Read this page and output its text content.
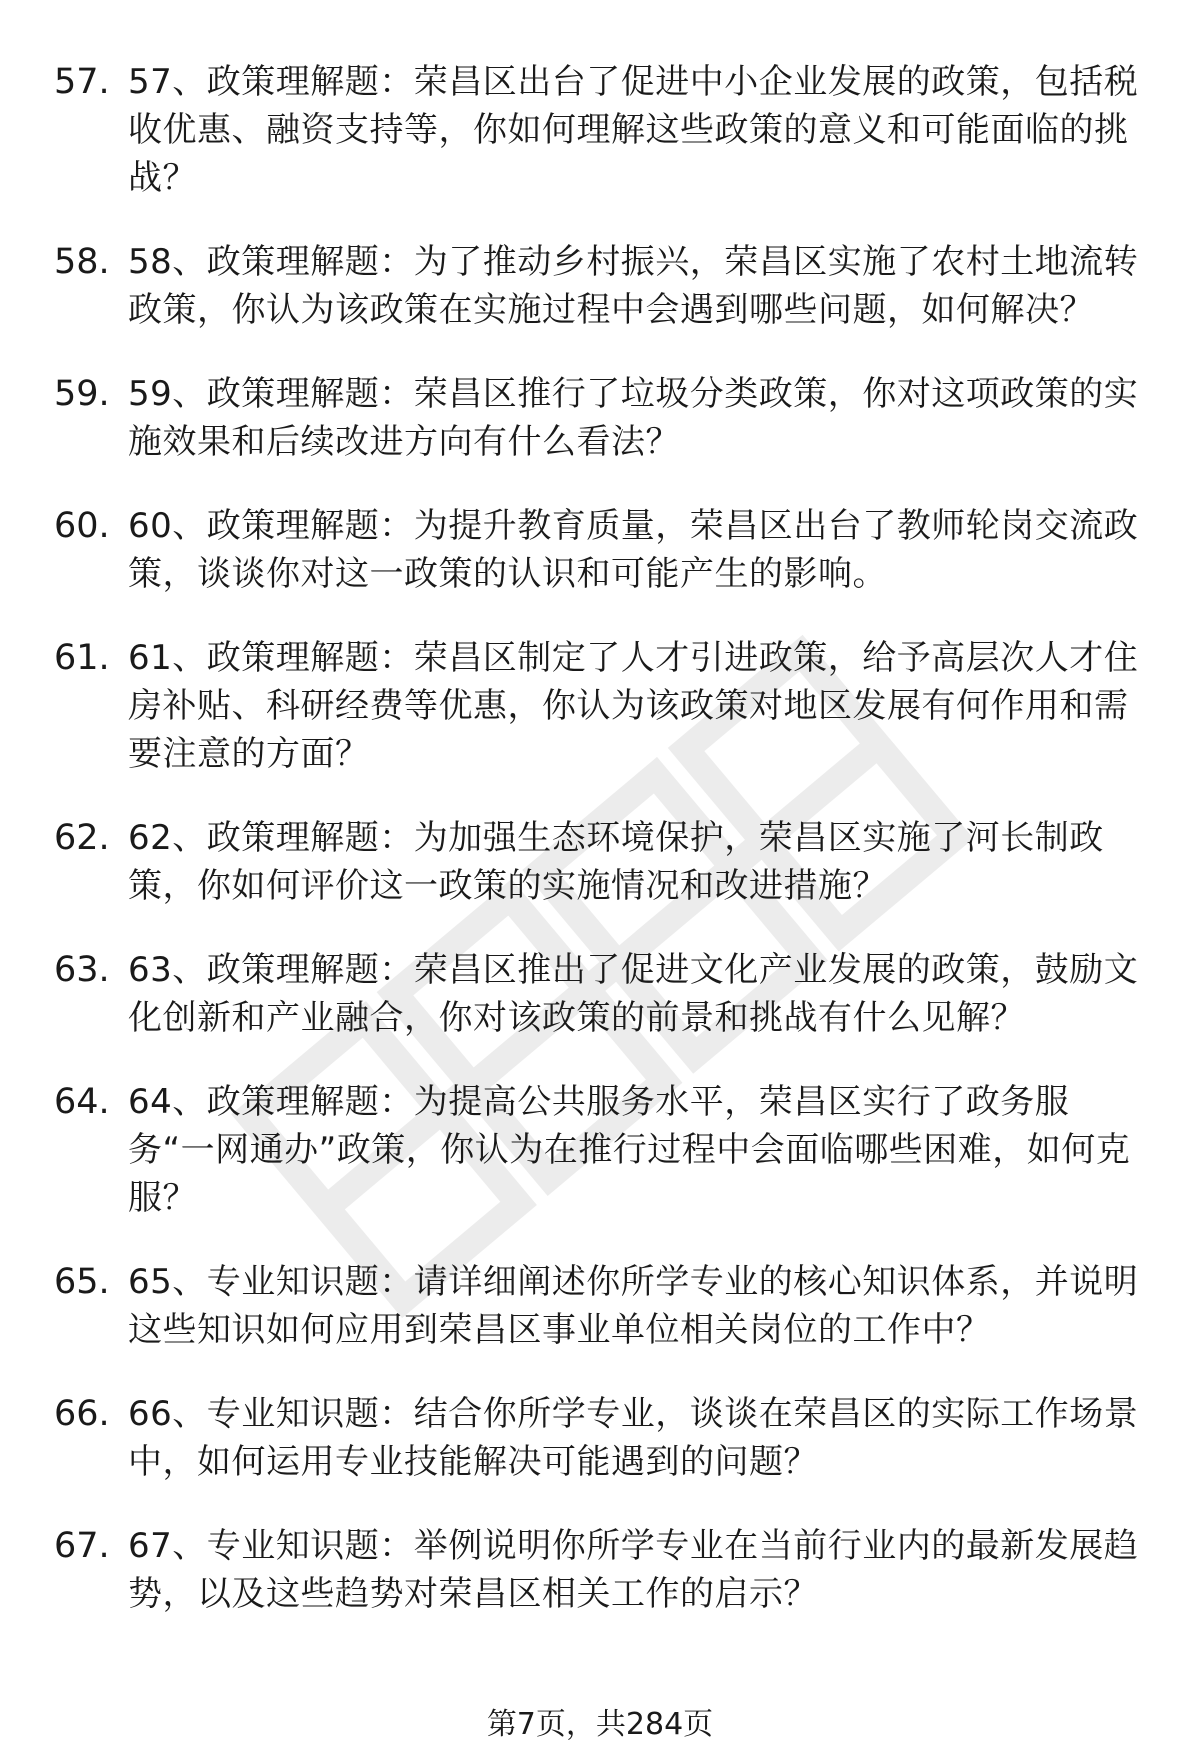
57. 57、政策理解题：荣昌区出台了促进中小企业发展的政策，包括税收优惠、融资支持等，你如何理解这些政策的意义和可能面临的挑战？
58. 58、政策理解题：为了推动乡村振兴，荣昌区实施了农村土地流转政策，你认为该政策在实施过程中会遇到哪些问题，如何解决？
59. 59、政策理解题：荣昌区推行了垃圾分类政策，你对这项政策的实施效果和后续改进方向有什么看法？
60. 60、政策理解题：为提升教育质量，荣昌区出台了教师轮岗交流政策，谈谈你对这一政策的认识和可能产生的影响。
61. 61、政策理解题：荣昌区制定了人才引进政策，给予高层次人才住房补贴、科研经费等优惠，你认为该政策对地区发展有何作用和需要注意的方面？
62. 62、政策理解题：为加强生态环境保护，荣昌区实施了河长制政策，你如何评价这一政策的实施情况和改进措施？
63. 63、政策理解题：荣昌区推出了促进文化产业发展的政策，鼓励文化创新和产业融合，你对该政策的前景和挑战有什么见解？
64. 64、政策理解题：为提高公共服务水平，荣昌区实行了政务服务“一网通办”政策，你认为在推行过程中会面临哪些困难，如何克服？
65. 65、专业知识题：请详细阐述你所学专业的核心知识体系，并说明这些知识如何应用到荣昌区事业单位相关岗位的工作中？
66. 66、专业知识题：结合你所学专业，谈谈在荣昌区的实际工作场景中，如何运用专业技能解决可能遇到的问题？
67. 67、专业知识题：举例说明你所学专业在当前行业内的最新发展趋势，以及这些趋势对荣昌区相关工作的启示？
第7页，共284页
